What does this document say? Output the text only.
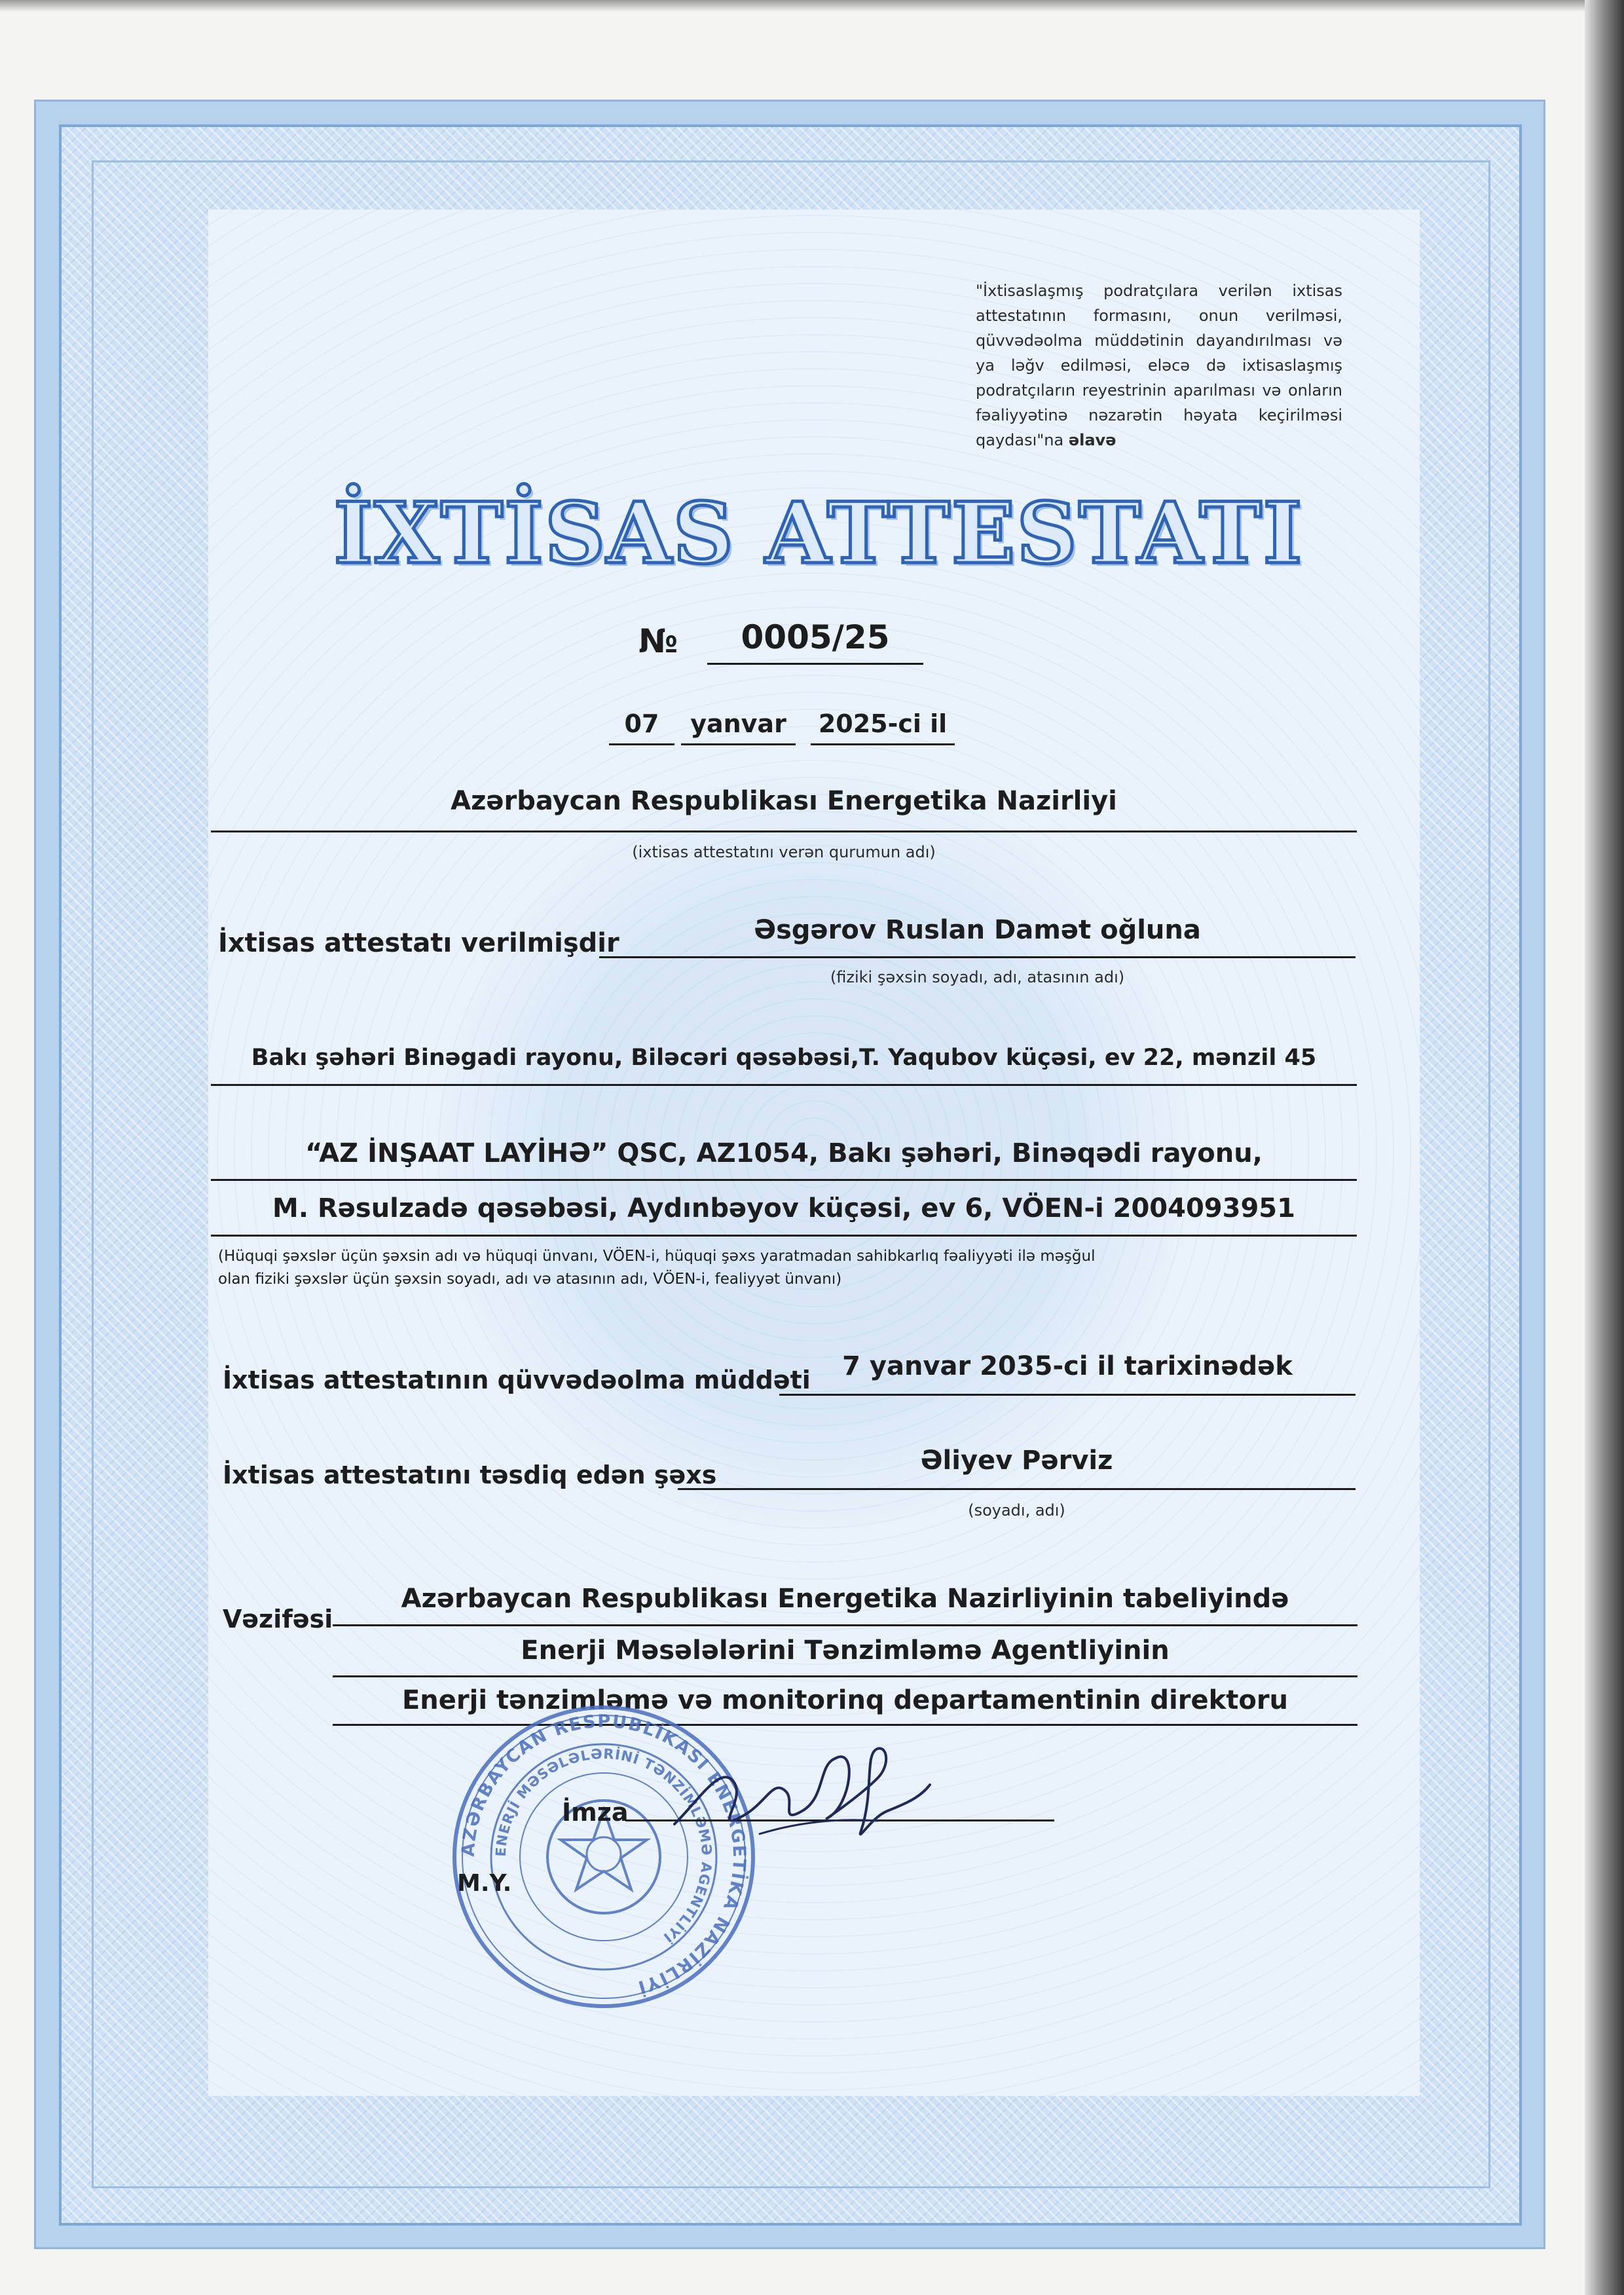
"İxtisaslaşmış podratçılara verilən ixtisas attestatının formasını, onun verilməsi, qüvvədəolma müddətinin dayandırılması və ya ləğv edilməsi, eləcə də ixtisaslaşmış podratçıların reyestrinin aparılması və onların fəaliyyətinə nəzarətin həyata keçirilməsi qaydası"na əlavə
İXTİSAS ATTESTATI
№	0005/25
07	yanvar	2025-ci il
Azərbaycan Respublikası Energetika Nazirliyi
(ixtisas attestatını verən qurumun adı)
İxtisas attestatı verilmişdir	Əsgərov Ruslan Damət oğluna
(fiziki şəxsin soyadı, adı, atasının adı)
Bakı şəhəri Binəgadi rayonu, Biləcəri qəsəbəsi,T. Yaqubov küçəsi, ev 22, mənzil 45
“AZ İNŞAAT LAYİHƏ” QSC, AZ1054, Bakı şəhəri, Binəqədi rayonu,
M. Rəsulzadə qəsəbəsi, Aydınbəyov küçəsi, ev 6, VÖEN-i 2004093951
(Hüquqi şəxslər üçün şəxsin adı və hüquqi ünvanı, VÖEN-i, hüquqi şəxs yaratmadan sahibkarlıq fəaliyyəti ilə məşğul
olan fiziki şəxslər üçün şəxsin soyadı, adı və atasının adı, VÖEN-i, fealiyyət ünvanı)
İxtisas attestatının qüvvədəolma müddəti	7 yanvar 2035-ci il tarixinədək
İxtisas attestatını təsdiq edən şəxs	Əliyev Pərviz
(soyadı, adı)
Vəzifəsi
Azərbaycan Respublikası Energetika Nazirliyinin tabeliyində
Enerji Məsələlərini Tənzimləmə Agentliyinin
Enerji tənzimləmə və monitorinq departamentinin direktoru
AZƏRBAYCAN RESPUBLİKASI ENERGETİKA NAZİRLİYİ
ENERJİ MƏSƏLƏLƏRİNİ TƏNZİMLƏMƏ AGENTLİYİ
İmza
M.Y.
